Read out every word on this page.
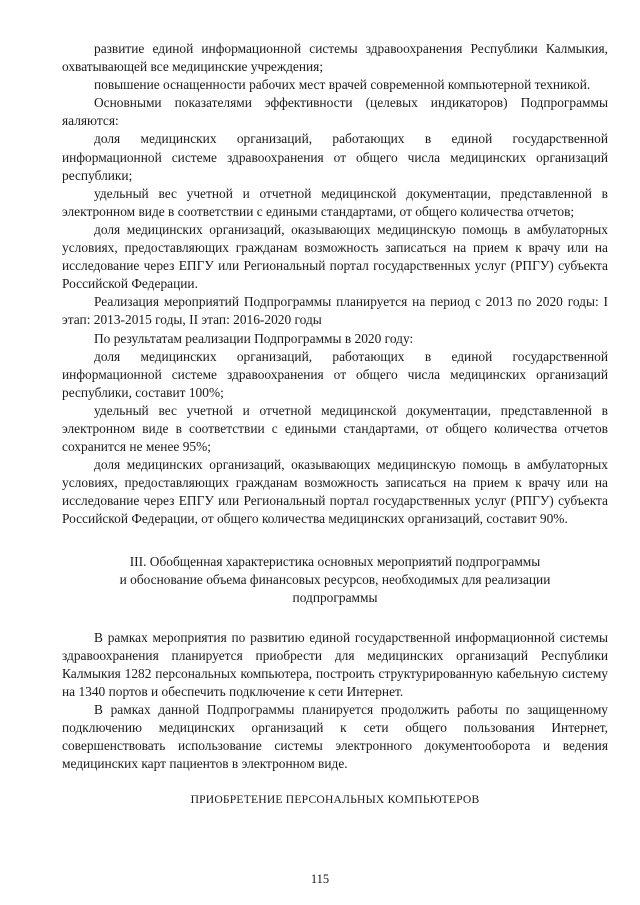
развитие единой информационной системы здравоохранения Республики Калмыкия, охватывающей все медицинские учреждения;

повышение оснащенности рабочих мест врачей современной компьютерной техникой.

Основными показателями эффективности (целевых индикаторов) Подпрограммы яаляются:

доля медицинских организаций, работающих в единой государственной информационной системе здравоохранения от общего числа медицинских организаций республики;

удельный вес учетной и отчетной медицинской документации, представленной в электронном виде в соответствии с едиными стандартами, от общего количества отчетов;

доля медицинских организаций, оказывающих медицинскую помощь в амбулаторных условиях, предоставляющих гражданам возможность записаться на прием к врачу или на исследование через ЕПГУ или Региональный портал государственных услуг (РПГУ) субъекта Российской Федерации.

Реализация мероприятий Подпрограммы планируется на период с 2013 по 2020 годы: I этап: 2013-2015 годы, II этап: 2016-2020 годы

По результатам реализации Подпрограммы в 2020 году:

доля медицинских организаций, работающих в единой государственной информационной системе здравоохранения от общего числа медицинских организаций республики, составит 100%;

удельный вес учетной и отчетной медицинской документации, представленной в электронном виде в соответствии с едиными стандартами, от общего количества отчетов сохранится не менее 95%;

доля медицинских организаций, оказывающих медицинскую помощь в амбулаторных условиях, предоставляющих гражданам возможность записаться на прием к врачу или на исследование через ЕПГУ или Региональный портал государственных услуг (РПГУ) субъекта Российской Федерации, от общего количества медицинских организаций, составит 90%.

III. Обобщенная характеристика основных мероприятий подпрограммы
и обоснование объема финансовых ресурсов, необходимых для реализации
подпрограммы

В рамках мероприятия по развитию единой государственной информационной системы здравоохранения планируется приобрести для медицинских организаций Республики Калмыкия 1282 персональных компьютера, построить структурированную кабельную систему на 1340 портов и обеспечить подключение к сети Интернет.

В рамках данной Подпрограммы планируется продолжить работы по защищенному подключению медицинских организаций к сети общего пользования Интернет, совершенствовать использование системы электронного документооборота и ведения медицинских карт пациентов в электронном виде.

ПРИОБРЕТЕНИЕ ПЕРСОНАЛЬНЫХ КОМПЬЮТЕРОВ
115
